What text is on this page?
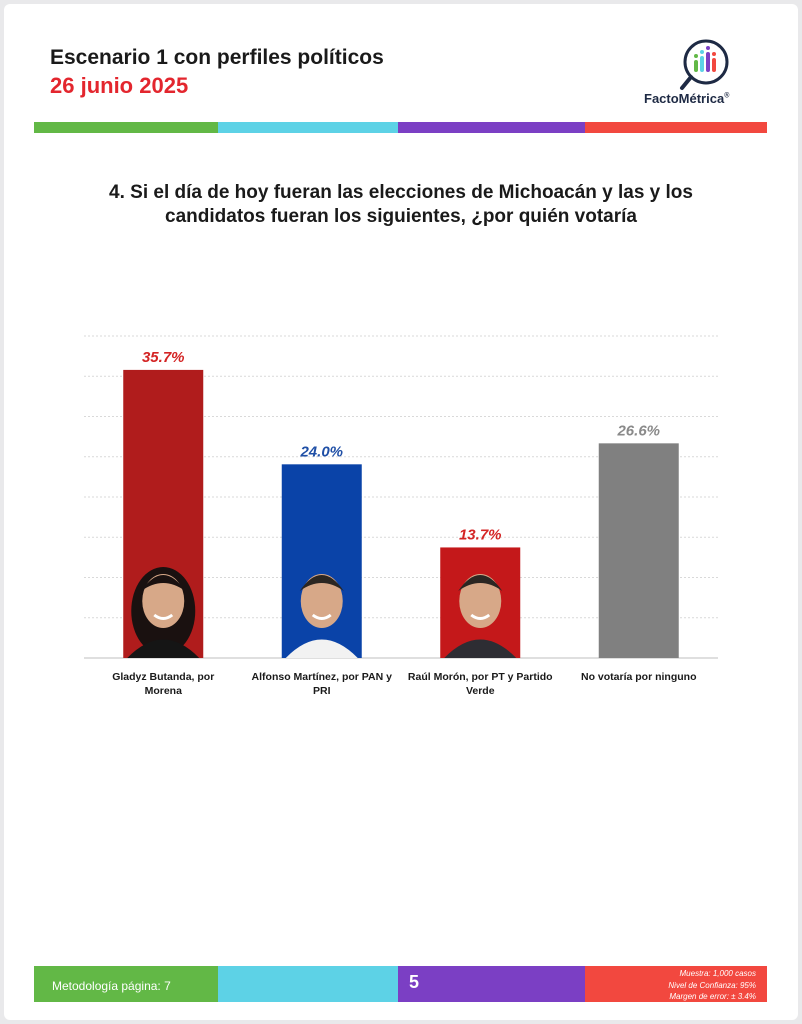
Escenario 1 con perfiles políticos
26 junio 2025
FactoMétrica®
4. Si el día de hoy fueran las elecciones de Michoacán y las y los
candidatos fueran los siguientes, ¿por quién votaría
35.7%
Gladyz Butanda, por
Morena
24.0%
Alfonso Martínez, por PAN y
PRI
13.7%
Raúl Morón, por PT y Partido
Verde
26.6%
No votaría por ninguno
Metodología página: 7	5	Muestra: 1,000 casos
Nivel de Confianza: 95%
Margen de error: ± 3.4%
